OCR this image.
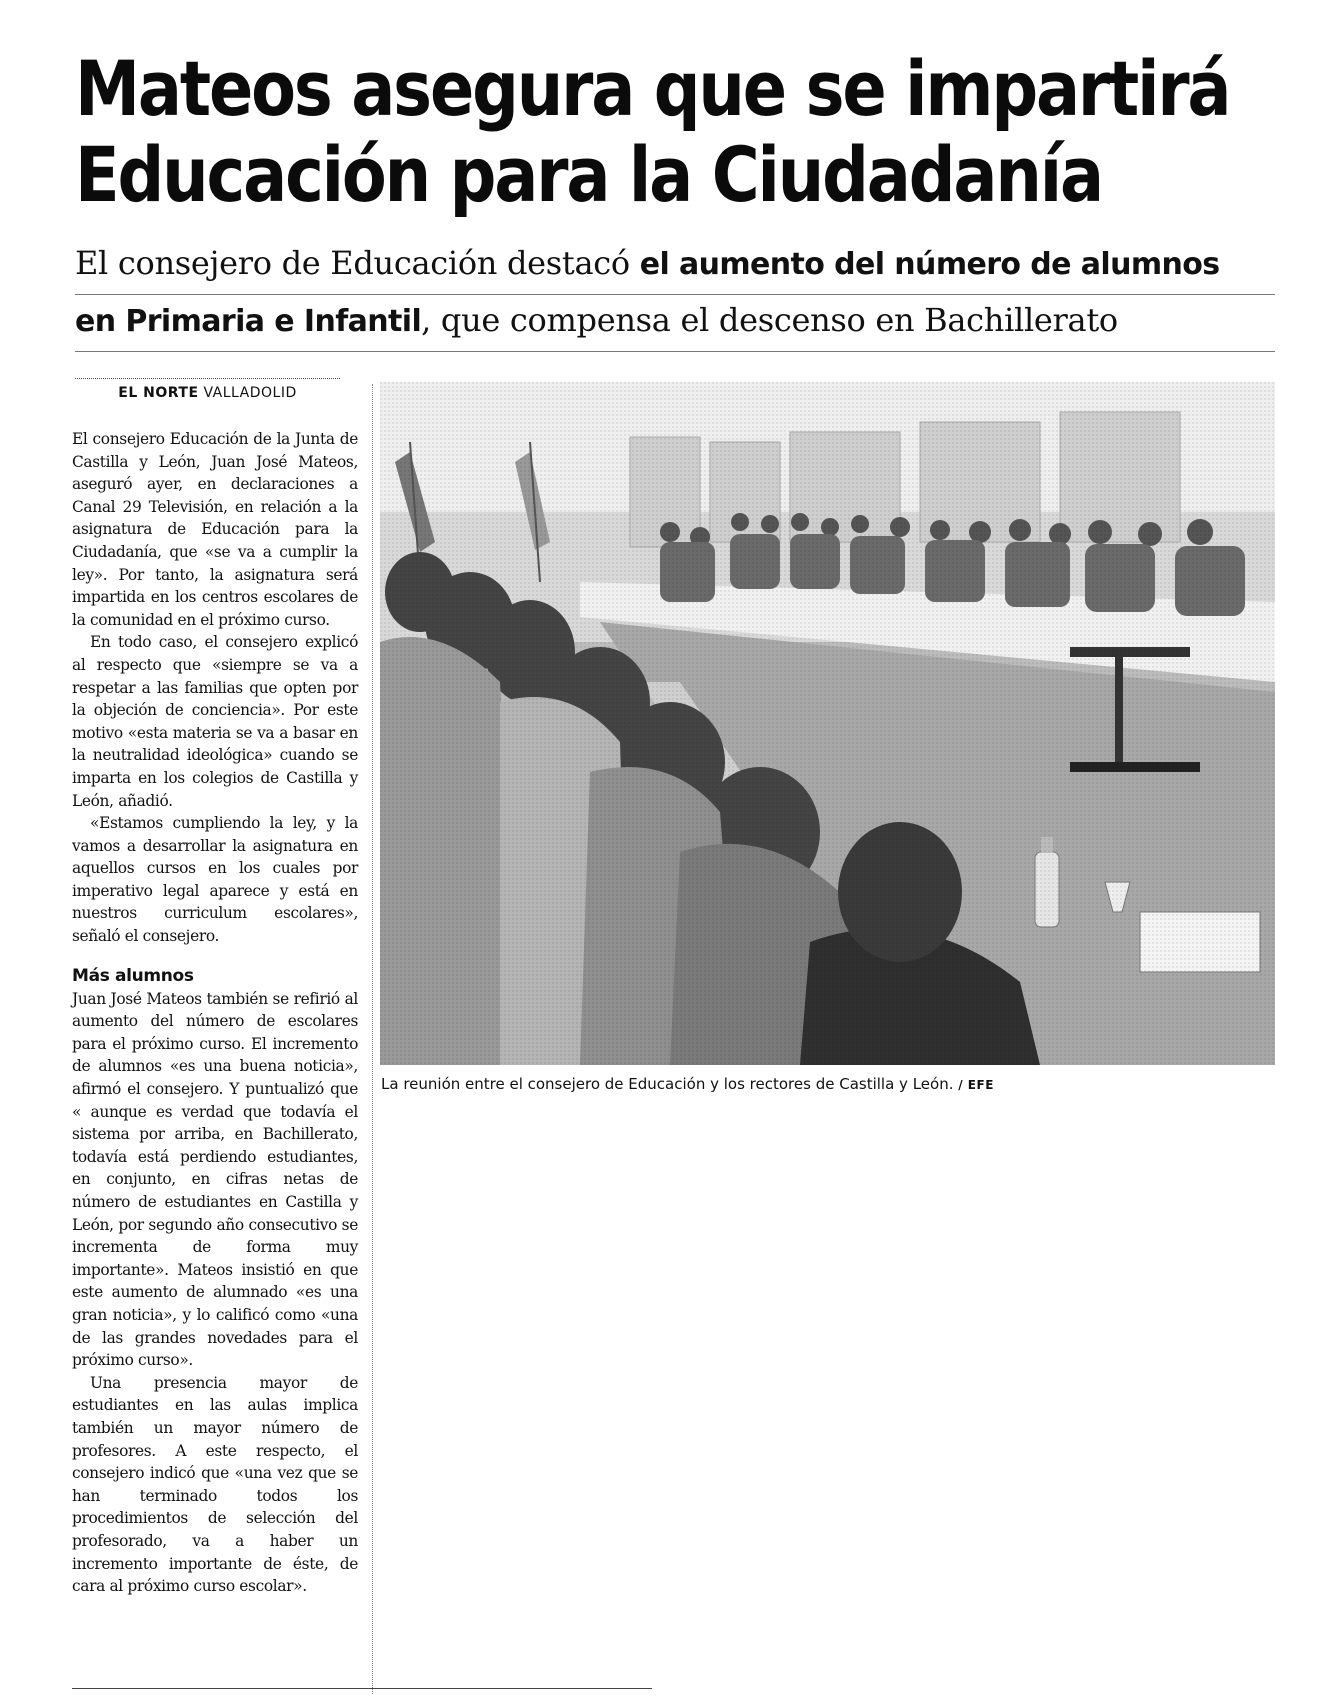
Mateos asegura que se impartirá
Educación para la Ciudadanía
El consejero de Educación destacó el aumento del número de alumnos
en Primaria e Infantil, que compensa el descenso en Bachillerato
EL NORTE VALLADOLID

El consejero Educación de la Junta de Castilla y León, Juan José Mateos, aseguró ayer, en declaraciones a Canal 29 Televisión, en relación a la asignatura de Educación para la Ciudadanía, que «se va a cumplir la ley». Por tanto, la asignatura será impartida en los centros escolares de la comunidad en el próximo curso.

En todo caso, el consejero explicó al respecto que «siempre se va a respetar a las familias que opten por la objeción de conciencia». Por este motivo «esta materia se va a basar en la neutralidad ideológica» cuando se imparta en los colegios de Castilla y León, añadió.

«Estamos cumpliendo la ley, y la vamos a desarrollar la asignatura en aquellos cursos en los cuales por imperativo legal aparece y está en nuestros curriculum escolares», señaló el consejero.

Más alumnos

Juan José Mateos también se refirió al aumento del número de escolares para el próximo curso. El incremento de alumnos «es una buena noticia», afirmó el consejero. Y puntualizó que « aunque es verdad que todavía el sistema por arriba, en Bachillerato, todavía está perdiendo estudiantes, en conjunto, en cifras netas de número de estudiantes en Castilla y León, por segundo año consecutivo se incrementa de forma muy importante». Mateos insistió en que este aumento de alumnado «es una gran noticia», y lo calificó como «una de las grandes novedades para el próximo curso».

Una presencia mayor de estudiantes en las aulas implica también un mayor número de profesores. A este respecto, el consejero indicó que «una vez que se han terminado todos los procedimientos de selección del profesorado, va a haber un incremento importante de éste, de cara al próximo curso escolar».

La reunión entre el consejero de Educación y los rectores de Castilla y León. / EFE
